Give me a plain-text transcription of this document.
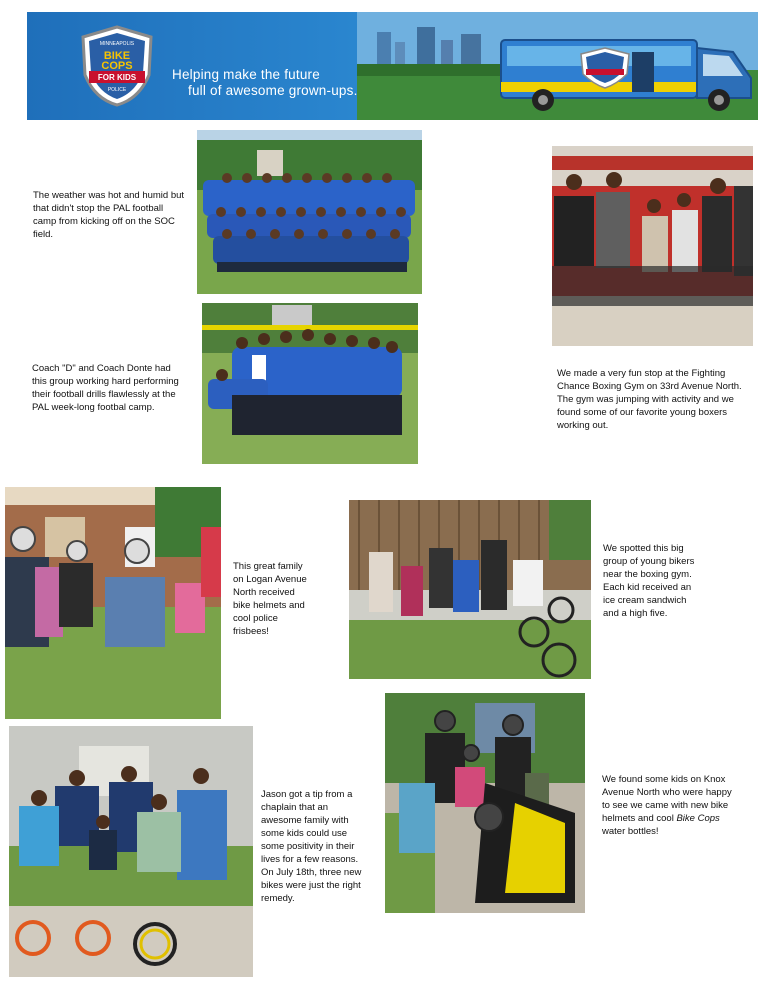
MINNEAPOLIS
BIKE
COPS
FOR KIDS
POLICE
Helping make the future
full of awesome grown-ups.
The weather was hot and humid but that didn't stop the PAL football camp from kicking off on the SOC field.
Coach "D" and Coach Donte had this group working hard performing their football drills flawlessly at the PAL week-long footbal camp.
We made a very fun stop at the Fighting Chance Boxing Gym on 33rd Avenue North. The gym was jumping with activity and we found some of our favorite young boxers working out.
This great family on Logan Avenue North received bike helmets and cool police frisbees!
We spotted this big group of young bikers near the boxing gym. Each kid received an ice cream sandwich and a high five.
Jason got a tip from a chaplain that an awesome family with some kids could use some positivity in their lives for a few reasons. On July 18th, three new bikes were just the right remedy.
We found some kids on Knox Avenue North who were happy to see we came with new bike helmets and cool Bike Cops water bottles!
